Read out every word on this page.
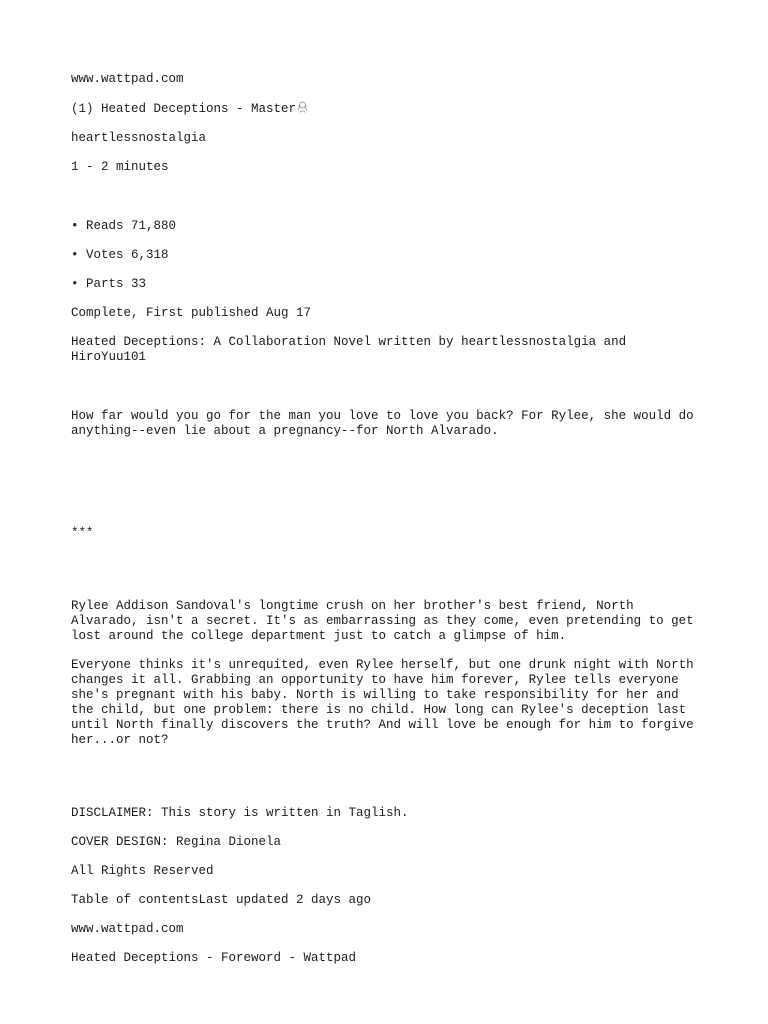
www.wattpad.com

(1) Heated Deceptions - Master

heartlessnostalgia

1 - 2 minutes

• Reads 71,880

• Votes 6,318

• Parts 33

Complete, First published Aug 17

Heated Deceptions: A Collaboration Novel written by heartlessnostalgia and HiroYuu101

How far would you go for the man you love to love you back? For Rylee, she would do anything--even lie about a pregnancy--for North Alvarado.

***

Rylee Addison Sandoval's longtime crush on her brother's best friend, North Alvarado, isn't a secret. It's as embarrassing as they come, even pretending to get lost around the college department just to catch a glimpse of him.

Everyone thinks it's unrequited, even Rylee herself, but one drunk night with North changes it all. Grabbing an opportunity to have him forever, Rylee tells everyone she's pregnant with his baby. North is willing to take responsibility for her and the child, but one problem: there is no child. How long can Rylee's deception last until North finally discovers the truth? And will love be enough for him to forgive her...or not?

DISCLAIMER: This story is written in Taglish.

COVER DESIGN: Regina Dionela

All Rights Reserved

Table of contentsLast updated 2 days ago

www.wattpad.com

Heated Deceptions - Foreword - Wattpad
